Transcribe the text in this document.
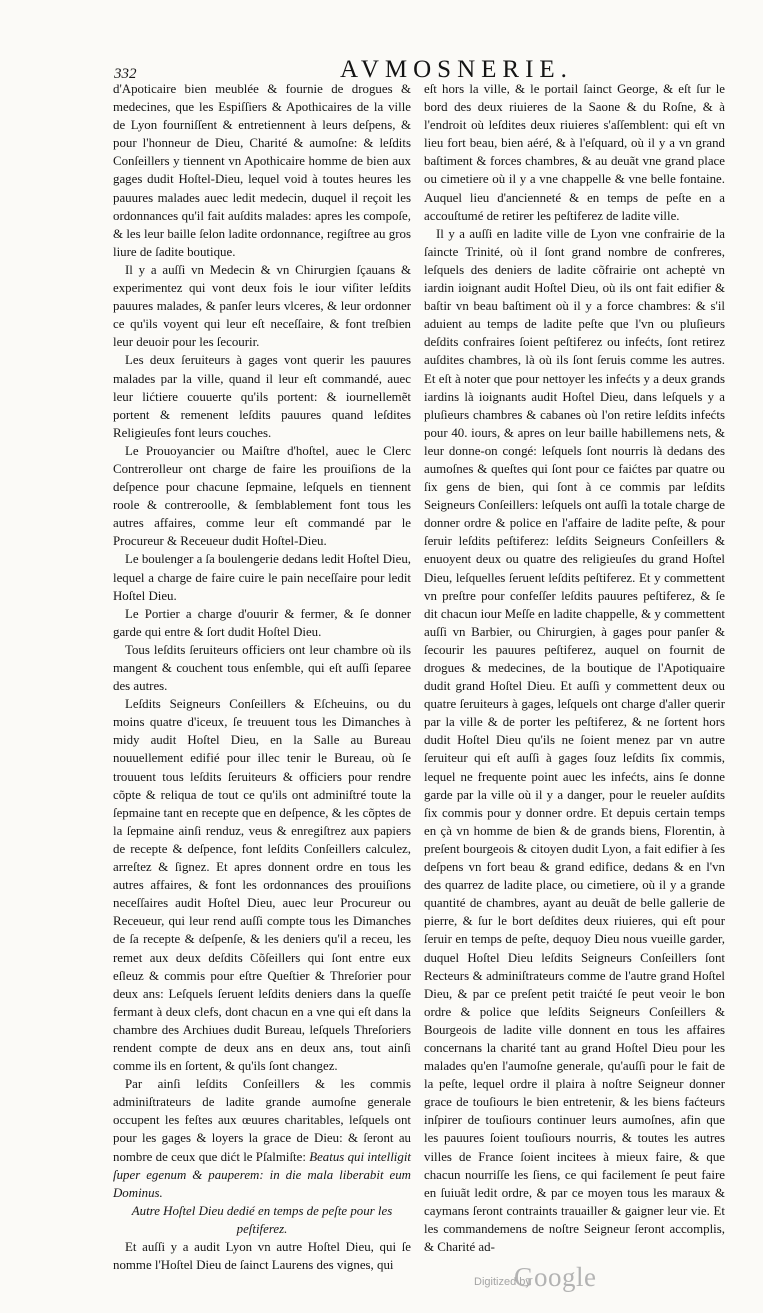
332	AVMOSNERIE.

d'Apoticaire bien meublée & fournie de drogues & medecines, que les Espiſſiers & Apothicaires de la ville de Lyon fourniſſent & entretiennent à leurs deſpens, & pour l'honneur de Dieu, Charité & aumoſne: & leſdits Conſeillers y tiennent vn Apothicaire homme de bien aux gages dudit Hoſtel-Dieu, lequel void à toutes heures les pauures malades auec ledit medecin, duquel il reçoit les ordonnances qu'il fait auſdits malades: apres les compoſe, & les leur baille ſelon ladite ordonnance, regiſtree au gros liure de ſadite boutique.

Il y a auſſi vn Medecin & vn Chirurgien ſçauans & experimentez qui vont deux fois le iour viſiter leſdits pauures malades, & panſer leurs vlceres, & leur ordonner ce qu'ils voyent qui leur eſt neceſſaire, & font treſbien leur deuoir pour les ſecourir.

Les deux ſeruiteurs à gages vont querir les pauures malades par la ville, quand il leur eſt commandé, auec leur lićtiere couuerte qu'ils portent: & iournellemẽt portent & remenent leſdits pauures quand leſdites Religieuſes font leurs couches.

Le Prouoyancier ou Maiſtre d'hoſtel, auec le Clerc Contrerolleur ont charge de faire les prouiſions de la deſpence pour chacune ſepmaine, leſquels en tiennent roole & contreroolle, & ſemblablement font tous les autres affaires, comme leur eſt commandé par le Procureur & Receueur dudit Hoſtel-Dieu.

Le boulenger a ſa boulengerie dedans ledit Hoſtel Dieu, lequel a charge de faire cuire le pain neceſſaire pour ledit Hoſtel Dieu.

Le Portier a charge d'ouurir & fermer, & ſe donner garde qui entre & ſort dudit Hoſtel Dieu.

Tous leſdits ſeruiteurs officiers ont leur chambre où ils mangent & couchent tous enſemble, qui eſt auſſi ſeparee des autres.

Leſdits Seigneurs Conſeillers & Eſcheuins, ou du moins quatre d'iceux, ſe treuuent tous les Dimanches à midy audit Hoſtel Dieu, en la Salle au Bureau nouuellement edifié pour illec tenir le Bureau, où ſe trouuent tous leſdits ſeruiteurs & officiers pour rendre cõpte & reliqua de tout ce qu'ils ont adminiſtré toute la ſepmaine tant en recepte que en deſpence, & les cõptes de la ſepmaine ainſi renduz, veus & enregiſtrez aux papiers de recepte & deſpence, font leſdits Conſeillers calculez, arreſtez & ſignez. Et apres donnent ordre en tous les autres affaires, & font les ordonnances des prouiſions neceſſaires audit Hoſtel Dieu, auec leur Procureur ou Receueur, qui leur rend auſſi compte tous les Dimanches de ſa recepte & deſpenſe, & les deniers qu'il a receu, les remet aux deux deſdits Cõſeillers qui ſont entre eux eſleuz & commis pour eſtre Queſtier & Threſorier pour deux ans: Leſquels ſeruent leſdits deniers dans la queſſe fermant à deux clefs, dont chacun en a vne qui eſt dans la chambre des Archiues dudit Bureau, leſquels Threſoriers rendent compte de deux ans en deux ans, tout ainſi comme ils en ſortent, & qu'ils ſont changez.

Par ainſi leſdits Conſeillers & les commis adminiſtrateurs de ladite grande aumoſne generale occupent les feſtes aux œuures charitables, leſquels ont pour les gages & loyers la grace de Dieu: & ſeront au nombre de ceux que dićt le Pſalmiſte: Beatus qui intelligit ſuper egenum & pauperem: in die mala liberabit eum Dominus.

Autre Hoſtel Dieu dedié en temps de peſte pour les peſtiferez.

Et auſſi y a audit Lyon vn autre Hoſtel Dieu, qui ſe nomme l'Hoſtel Dieu de ſainct Laurens des vignes, qui

eſt hors la ville, & le portail ſainct George, & eſt ſur le bord des deux riuieres de la Saone & du Roſne, & à l'endroit où leſdites deux riuieres s'aſſemblent: qui eſt vn lieu fort beau, bien aéré, & à l'eſquard, où il y a vn grand baſtiment & forces chambres, & au deuãt vne grand place ou cimetiere où il y a vne chappelle & vne belle fontaine. Auquel lieu d'ancienneté & en temps de peſte en a accouſtumé de retirer les peſtiferez de ladite ville.

Il y a auſſi en ladite ville de Lyon vne confrairie de la ſaincte Trinité, où il ſont grand nombre de confreres, leſquels des deniers de ladite cõfrairie ont acheptė vn iardin ioignant audit Hoſtel Dieu, où ils ont fait edifier & baſtir vn beau baſtiment où il y a force chambres: & s'il aduient au temps de ladite peſte que l'vn ou pluſieurs deſdits confraires ſoient peſtiferez ou infećts, ſont retirez auſdites chambres, là où ils ſont ſeruis comme les autres. Et eſt à noter que pour nettoyer les infećts y a deux grands iardins là ioignants audit Hoſtel Dieu, dans leſquels y a pluſieurs chambres & cabanes où l'on retire leſdits infećts pour 40. iours, & apres on leur baille habillemens nets, & leur donne-on congé: leſquels ſont nourris là dedans des aumoſnes & queſtes qui ſont pour ce faićtes par quatre ou ſix gens de bien, qui ſont à ce commis par leſdits Seigneurs Conſeillers: leſquels ont auſſi la totale charge de donner ordre & police en l'affaire de ladite peſte, & pour ſeruir leſdits peſtiferez: leſdits Seigneurs Conſeillers & enuoyent deux ou quatre des religieuſes du grand Hoſtel Dieu, leſquelles ſeruent leſdits peſtiferez. Et y commettent vn preſtre pour confeſſer leſdits pauures peſtiferez, & ſe dit chacun iour Meſſe en ladite chappelle, & y commettent auſſi vn Barbier, ou Chirurgien, à gages pour panſer & ſecourir les pauures peſtiferez, auquel on fournit de drogues & medecines, de la boutique de l'Apotiquaire dudit grand Hoſtel Dieu. Et auſſi y commettent deux ou quatre ſeruiteurs à gages, leſquels ont charge d'aller querir par la ville & de porter les peſtiferez, & ne ſortent hors dudit Hoſtel Dieu qu'ils ne ſoient menez par vn autre ſeruiteur qui eſt auſſi à gages ſouz leſdits ſix commis, lequel ne frequente point auec les infećts, ains ſe donne garde par la ville où il y a danger, pour le reueler auſdits ſix commis pour y donner ordre. Et depuis certain temps en çà vn homme de bien & de grands biens, Florentin, à preſent bourgeois & citoyen dudit Lyon, a fait edifier à ſes deſpens vn fort beau & grand edifice, dedans & en l'vn des quarrez de ladite place, ou cimetiere, où il y a grande quantité de chambres, ayant au deuãt de belle gallerie de pierre, & ſur le bort deſdites deux riuieres, qui eſt pour ſeruir en temps de peſte, dequoy Dieu nous vueille garder, duquel Hoſtel Dieu leſdits Seigneurs Conſeillers ſont Recteurs & adminiſtrateurs comme de l'autre grand Hoſtel Dieu, & par ce preſent petit traićté ſe peut veoir le bon ordre & police que leſdits Seigneurs Conſeillers & Bourgeois de ladite ville donnent en tous les affaires concernans la charité tant au grand Hoſtel Dieu pour les malades qu'en l'aumoſne generale, qu'auſſi pour le fait de la peſte, lequel ordre il plaira à noſtre Seigneur donner grace de touſiours le bien entretenir, & les biens faćteurs inſpirer de touſiours continuer leurs aumoſnes, afin que les pauures ſoient touſiours nourris, & toutes les autres villes de France ſoient incitees à mieux faire, & que chacun nourriſſe les ſiens, ce qui facilement ſe peut faire en ſuiuãt ledit ordre, & par ce moyen tous les maraux & caymans ſeront contraints trauailler & gaigner leur vie. Et les commandemens de noſtre Seigneur ſeront accomplis, & Charité ad-

Digitized by
Google
